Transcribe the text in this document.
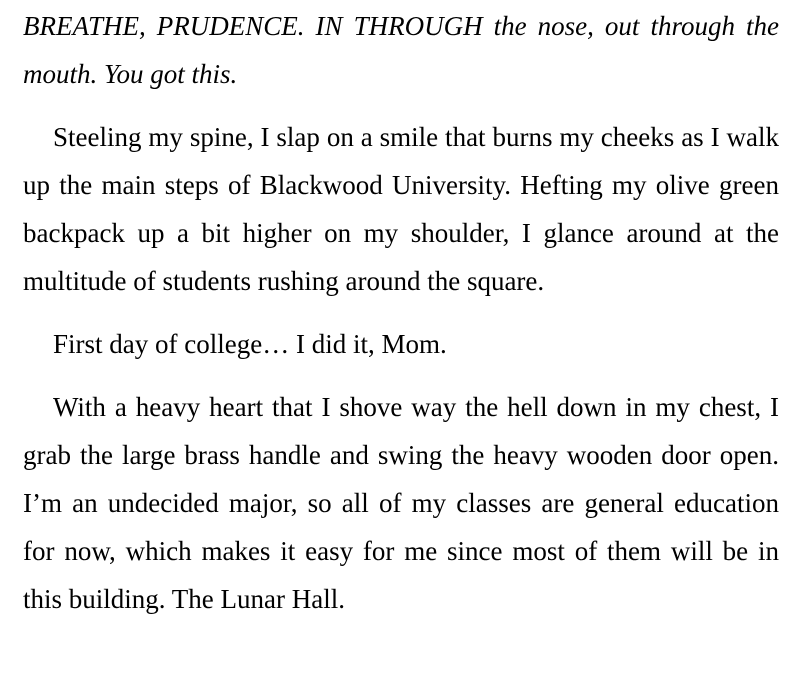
BREATHE, PRUDENCE. IN THROUGH the nose, out through the mouth. You got this.

Steeling my spine, I slap on a smile that burns my cheeks as I walk up the main steps of Blackwood University. Hefting my olive green backpack up a bit higher on my shoulder, I glance around at the multitude of students rushing around the square.

First day of college… I did it, Mom.

With a heavy heart that I shove way the hell down in my chest, I grab the large brass handle and swing the heavy wooden door open. I’m an undecided major, so all of my classes are general education for now, which makes it easy for me since most of them will be in this building. The Lunar Hall.
